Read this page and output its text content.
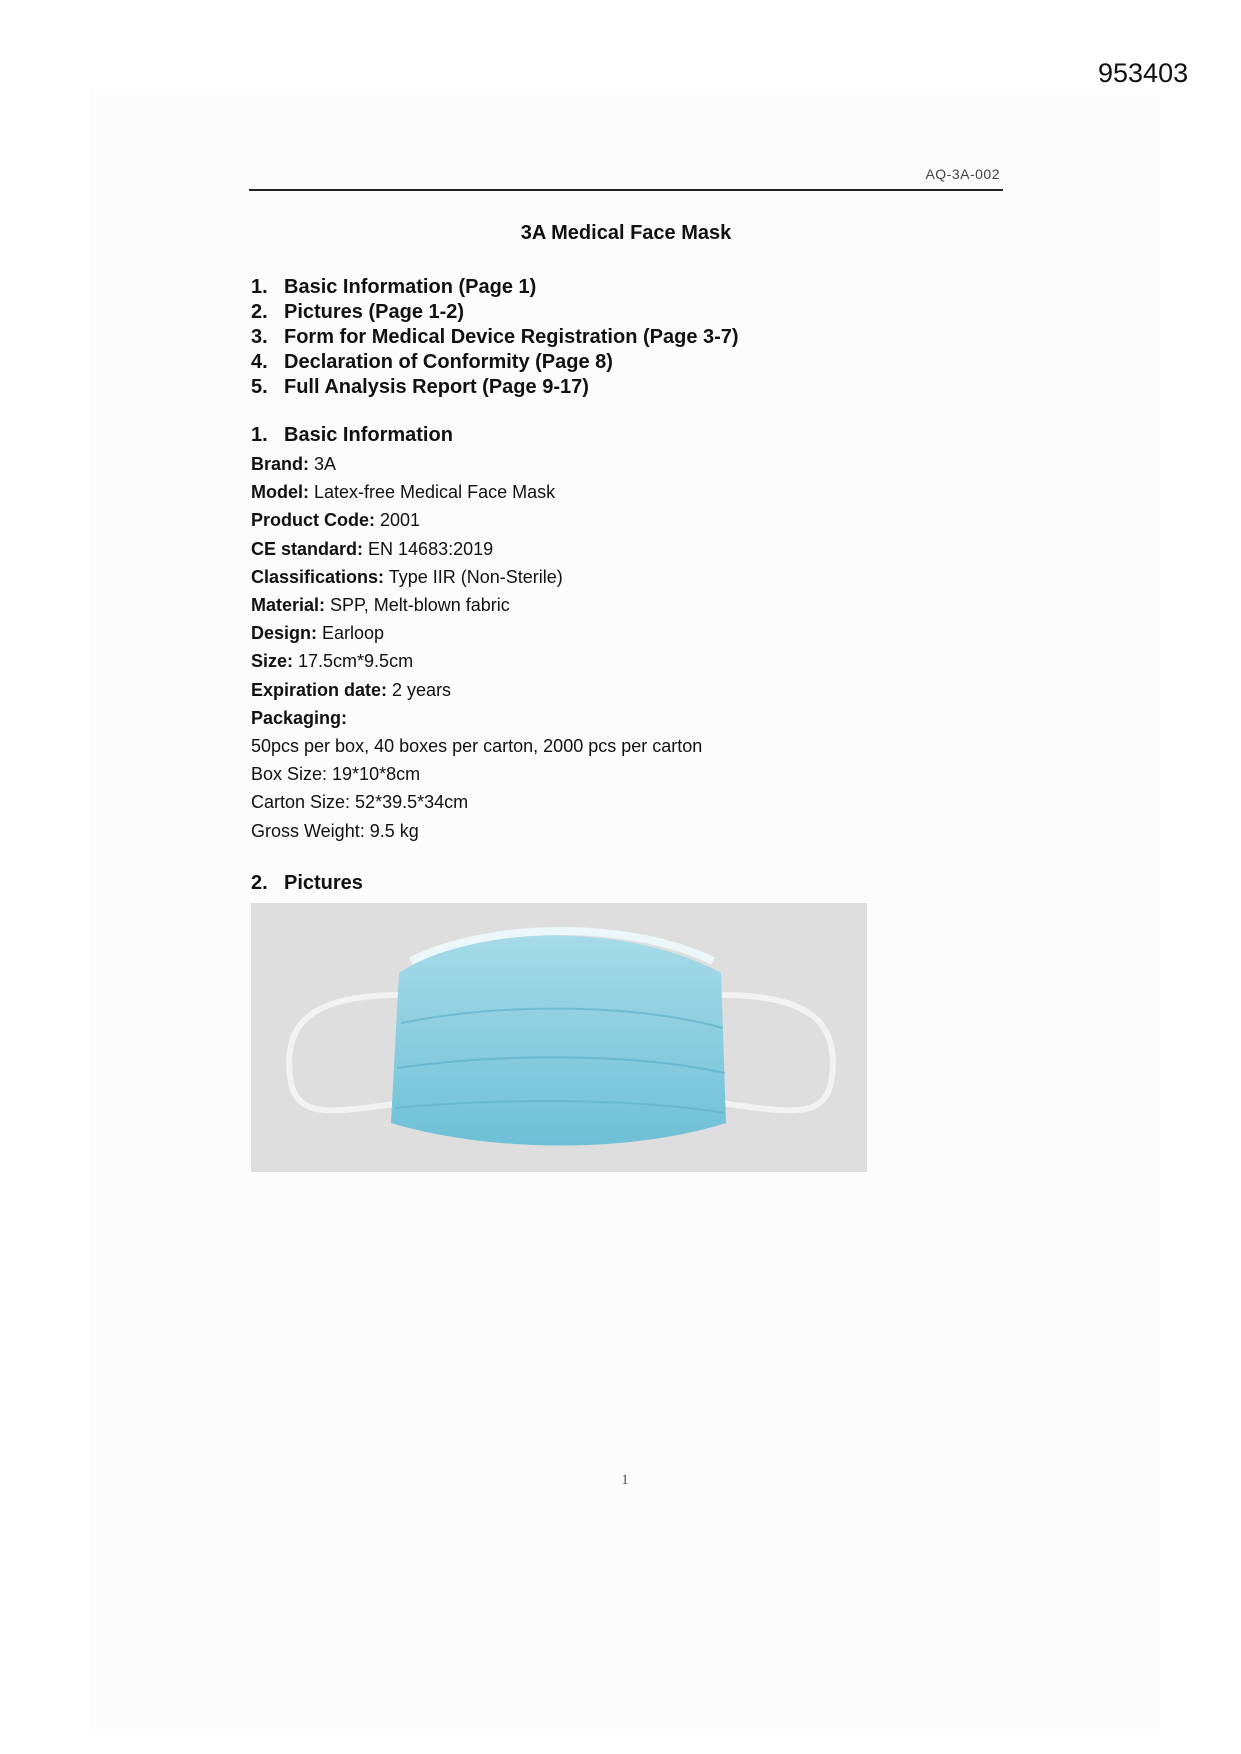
953403
AQ-3A-002
3A Medical Face Mask
1. Basic Information (Page 1)
2. Pictures (Page 1-2)
3. Form for Medical Device Registration (Page 3-7)
4. Declaration of Conformity (Page 8)
5. Full Analysis Report (Page 9-17)
1. Basic Information
Brand: 3A
Model: Latex-free Medical Face Mask
Product Code: 2001
CE standard: EN 14683:2019
Classifications: Type IIR (Non-Sterile)
Material: SPP, Melt-blown fabric
Design: Earloop
Size: 17.5cm*9.5cm
Expiration date: 2 years
Packaging:
50pcs per box, 40 boxes per carton, 2000 pcs per carton
Box Size: 19*10*8cm
Carton Size: 52*39.5*34cm
Gross Weight: 9.5 kg
2. Pictures
1
